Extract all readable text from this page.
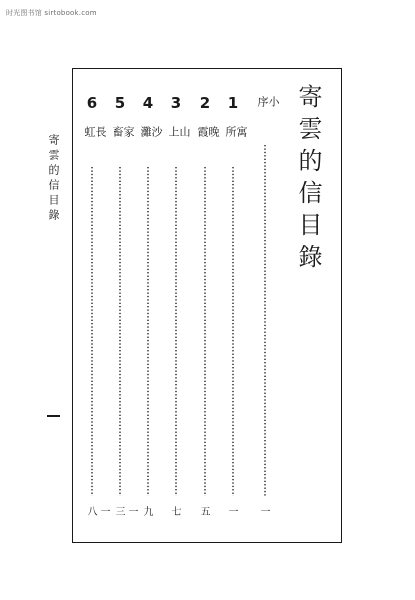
时光图书馆 sirtobook.com
寄雲的信目錄
寄雲的信目錄
小序
一
1
寓所
一
2
晚霞
五
3
山上
七
4
沙灘
九
5
家畜
一三
6
長虹
一八
